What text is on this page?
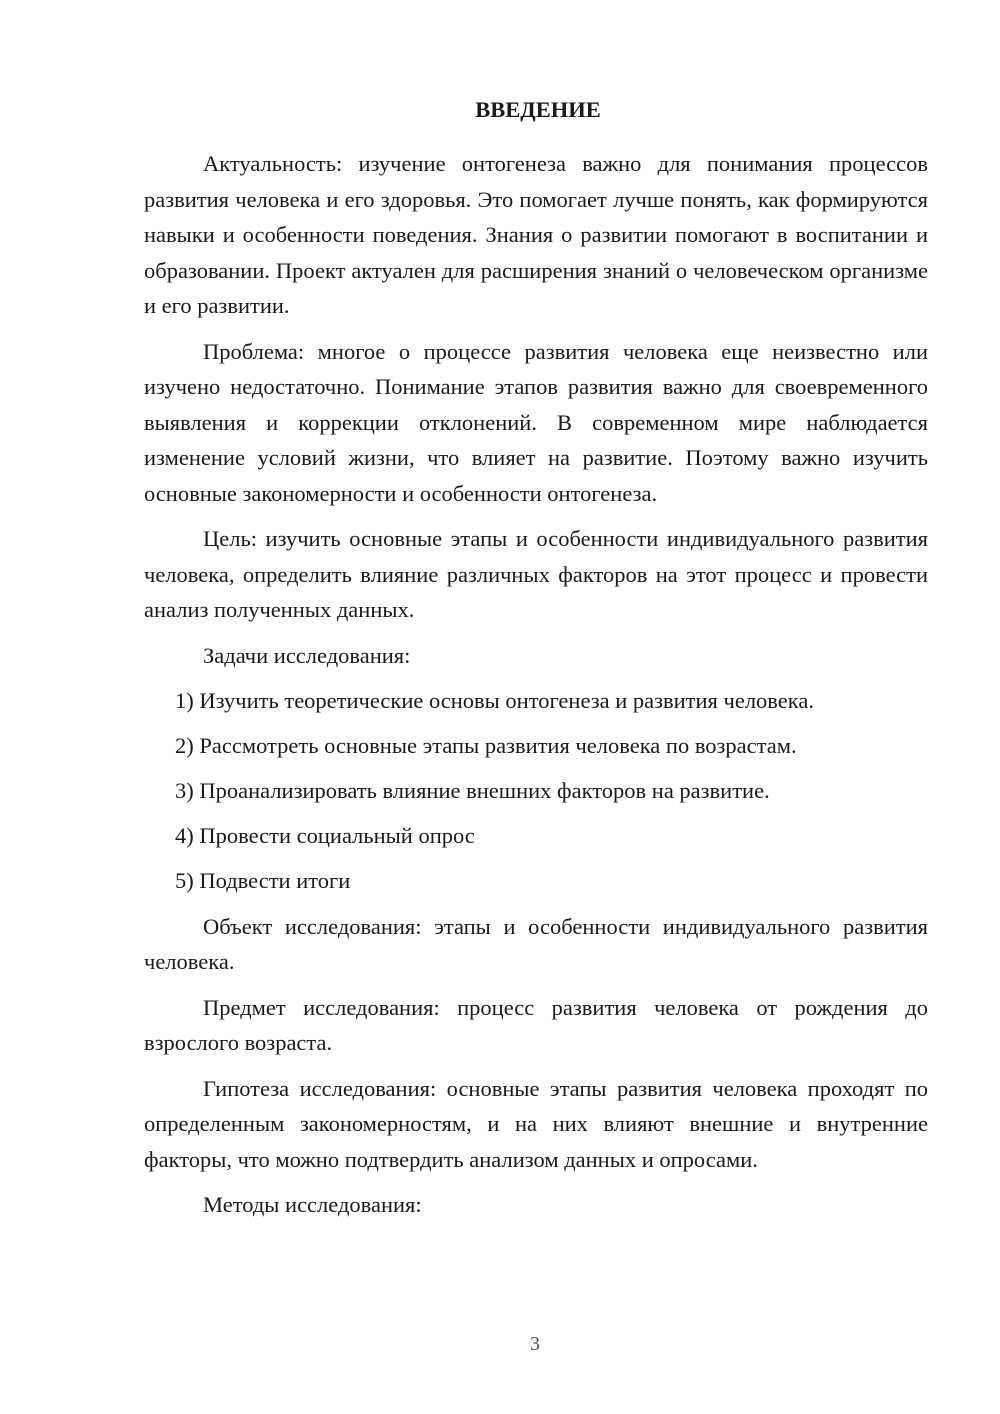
ВВЕДЕНИЕ

Актуальность: изучение онтогенеза важно для понимания процессов развития человека и его здоровья. Это помогает лучше понять, как формируются навыки и особенности поведения. Знания о развитии помогают в воспитании и образовании. Проект актуален для расширения знаний о человеческом организме и его развитии.

Проблема: многое о процессе развития человека еще неизвестно или изучено недостаточно. Понимание этапов развития важно для своевременного выявления и коррекции отклонений. В современном мире наблюдается изменение условий жизни, что влияет на развитие. Поэтому важно изучить основные закономерности и особенности онтогенеза.

Цель: изучить основные этапы и особенности индивидуального развития человека, определить влияние различных факторов на этот процесс и провести анализ полученных данных.

Задачи исследования:

1) Изучить теоретические основы онтогенеза и развития человека.
2) Рассмотреть основные этапы развития человека по возрастам.
3) Проанализировать влияние внешних факторов на развитие.
4) Провести социальный опрос
5) Подвести итоги

Объект исследования: этапы и особенности индивидуального развития человека.

Предмет исследования: процесс развития человека от рождения до взрослого возраста.

Гипотеза исследования: основные этапы развития человека проходят по определенным закономерностям, и на них влияют внешние и внутренние факторы, что можно подтвердить анализом данных и опросами.

Методы исследования:

3
